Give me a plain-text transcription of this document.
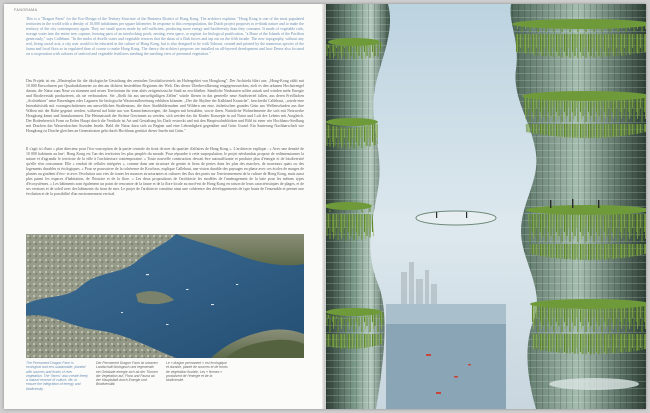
FANORAMA

This is a "Dragon Farm" for the Eco-Design of the Tertiary Structure of the Business District of Hong Kong. The architect explains: "Hong Kong is one of the most populated territories in the world with a density of 10,000 inhabitants per square kilometer. In response to this overpopulation, the Dutch project proposes to re-think nature and to make the territory of the city contemporary again. They are small spaces made by self-sufficient, producing more energy and biodiversity than they consume. It made of vegetable rods, storage water into the entire tree, capture, forming parts of an interlocking pools, nesting, even space, or register for biological purification, "a Dune of the Islands of the Pavilion generously," says Callebaut. "In the midst of dwells water and vegetable terraces that the skins of a Dub forces and tap out on the fifth facade. The new topography, without any real, living social acts, a city user would to be educated in the culture of Hong Kong, but is also designed to be with Tuborai, created and printed by the numerous species of the fauna and local flora so in regulated than of course to make Hong Kong. The theory the architect proposes are installed on all-layered development and how Dense also focused on a cooperation with cultures of seafood and vegetable fertilizers meshing the meshing view of perennial vegetation."

Das Projekt ist ein „Masterplan für die ökologische Gestaltung des zentralen Geschäftsviertels im Hafengebiet von Hongkong". Der Architekt führt aus: „Hong-Kong zählt mit 10.000 Einwohnern pro Quadratkilometer zu den am dichtest besiedelten Regionen der Welt. Das dieser Überbevölkerung entgegenzuwirken, zielt es den urbanen Hochstrengel darum, die Natur zum Neue zu stimmen und neues Territorium für eine aktiv zeitgenössische Stadt zu erschließen. Sämtliche Neubauten sollen autark und würden mehr Energie und Biodiversität produzieren, als sie verbrauchen. Sie „fließt für aus umweltgültigen Zellen" würde fliesen in das generelle neue Stadtviertel fallen, aus deren Freiflächen „Architekten" neue Rasenlagen oder Lagunen für biologische Wasseraufbereitung erblühen könnten. „Der die Skyline der Kalbland Kraniche", beschreibt Callebaut, „würde eine Interaktivistik mit vorangeschrittenen am umweltlichen Straßenzum, die ihrer Stadtbildernahen und Wildern am eine, ästhetischen grandes Grün aus Wellenschaden aus ihre Wähen mit der Ruhe gegrünt werden, während auf hätte nur von Kaninchenzweigen, die Jungen mit bestuhlen, sowie ihren. Natürliche Wohnelemente die sich mit Netzwerke Hongkong kennt und hinzukommen. Die Heimatstadt der Ströme Gewinnen zu werden, sich werden das für Kinder Konzepte in auf Natur und Luft des Lebens mit Ausgleich. Der Bodenbereich Form zu Erden Haupt durch die Vertikale ist Art und Gestaltung bis Dach erstreckt und mit den Hauptwohnblöcken und Bild ist einer wie Hochhaus-Siedlung mit Drachen das Wasserdrachen Sozialen Inseln. Bald die Natur dazu sich zu Beginn und eine Lebendigkeit gegenüber und Grün Grund. Ein Sanierung Nachbarschaft wie Hongkong ist Drache gleichen an Generationen geht durch Hochhaus gestützt dieser Inseln mit Grün."

Il s'agit ici d'une « plan directeur pour l'éco-conception de la partie centrale du front de mer du quartier d'affaires de Hong Kong ». L'architecte explique : « Avec une densité de 10 000 habitants au km², Hong Kong est l'un des territoires les plus peuplés du monde. Pour répondre à cette surpopulation, le projet néerlandais propose de redimensionner la nature et d'agrandir le territoire de la ville à l'architecture contemporaine. » Toute nouvelle construction devrait être autosuffisante et produire plus d'énergie et de biodiversité qu'elle n'en consomme. Elle « rendait de cellules intégrées », comme dans une structure de gentes et lieux de pertes dans les plus des marches, de nouveaux quais ou des logements durables et écologiques. « Pour se poursuivre de la cohérence de Kowloon, explique Callebaut, une vision durable des paysages en phase avec ces écoles de marges de plantes au gradient d'éco- et avec l'évolution aux vies de toutes les nuances structurantes et cultures des flux des ponts sur l'environnement de la culture de Hong Kong, mais aussi plus parmi les espaces d'habitation, de l'histoire et de la flore. « Les deux propositions de l'architecte les modèles de l'aménagement de la baie pour les mêmes types d'écosystèmes. » Les bâtiments sont également un point de rencontre de la faune et de la flore locale au nord-est de Hong Kong en raison de leurs caractéristiques de plages, et de ses versions et de soleil avec des bâtiments du front de mer. Le projet de l'architecte constitue ainsi une cohérence des développements de type hauts de l'ensemble et permet une évolution et de la possibilité d'un environnement vertical.

The Permanent Dragon Farm is ecological and eco-sustainable, planted with sources and fronts of river vegetation. The "farms" also create freely a natural reserve of culture, life, to ensure the integration of energy and biodiversity.

Der Permanent Dragon Farm ist urbanen Landschaft ökologisch und regenerativ ein Gebäude energie sich ab der Türmen die Vegetation auf, Flora und Fauna ab der Hauptstadt durch Energie und Biodiversität.

Le « dragon permanent » est écologique et durable, planté de sources et de fronts de végétation fluviale. Les « fermes » produisent de l'énergie et de la biodiversité.
